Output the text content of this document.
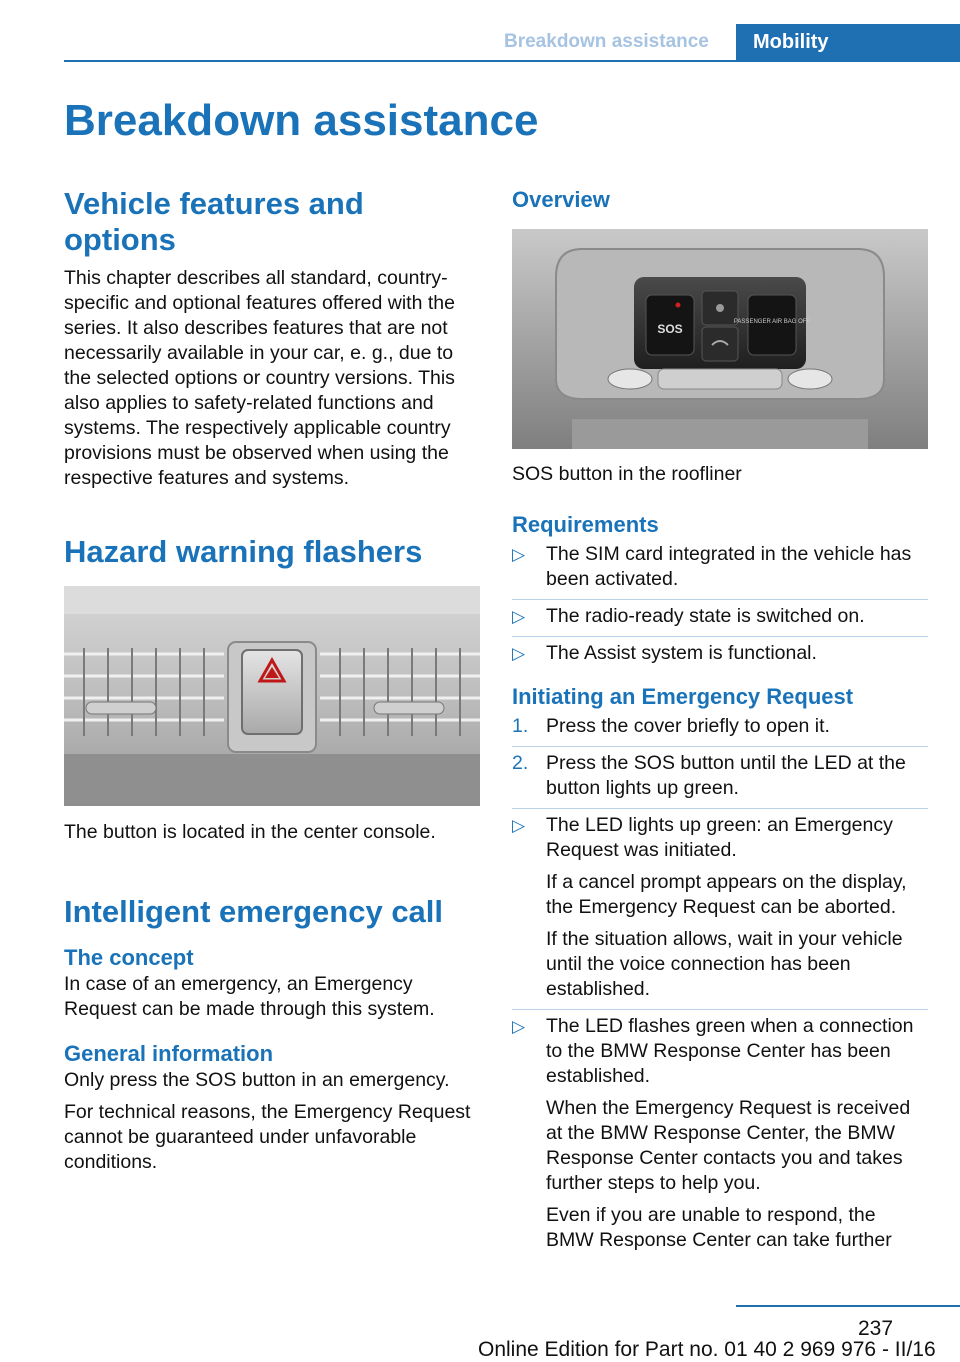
Breakdown assistance	Mobility
Breakdown assistance
Vehicle features and options

This chapter describes all standard, country-specific and optional features offered with the series. It also describes features that are not necessarily available in your car, e. g., due to the selected options or country versions. This also applies to safety-related functions and systems. The respectively applicable country provisions must be observed when using the respective features and systems.

Hazard warning flashers

The button is located in the center console.

Intelligent emergency call
The concept

In case of an emergency, an Emergency Request can be made through this system.

General information

Only press the SOS button in an emergency.

For technical reasons, the Emergency Request cannot be guaranteed under unfavorable conditions.

Overview
SOS	PASSENGER AIR BAG OFF

SOS button in the roofliner

Requirements
▷ The SIM card integrated in the vehicle has been activated.
▷ The radio-ready state is switched on.
▷ The Assist system is functional.
Initiating an Emergency Request
1. Press the cover briefly to open it.
2. Press the SOS button until the LED at the button lights up green.
▷ The LED lights up green: an Emergency Request was initiated.
If a cancel prompt appears on the display, the Emergency Request can be aborted.
If the situation allows, wait in your vehicle until the voice connection has been established.
▷ The LED flashes green when a connection to the BMW Response Center has been established.
When the Emergency Request is received at the BMW Response Center, the BMW Response Center contacts you and takes further steps to help you.
Even if you are unable to respond, the BMW Response Center can take further
237
Online Edition for Part no. 01 40 2 969 976 - II/16
